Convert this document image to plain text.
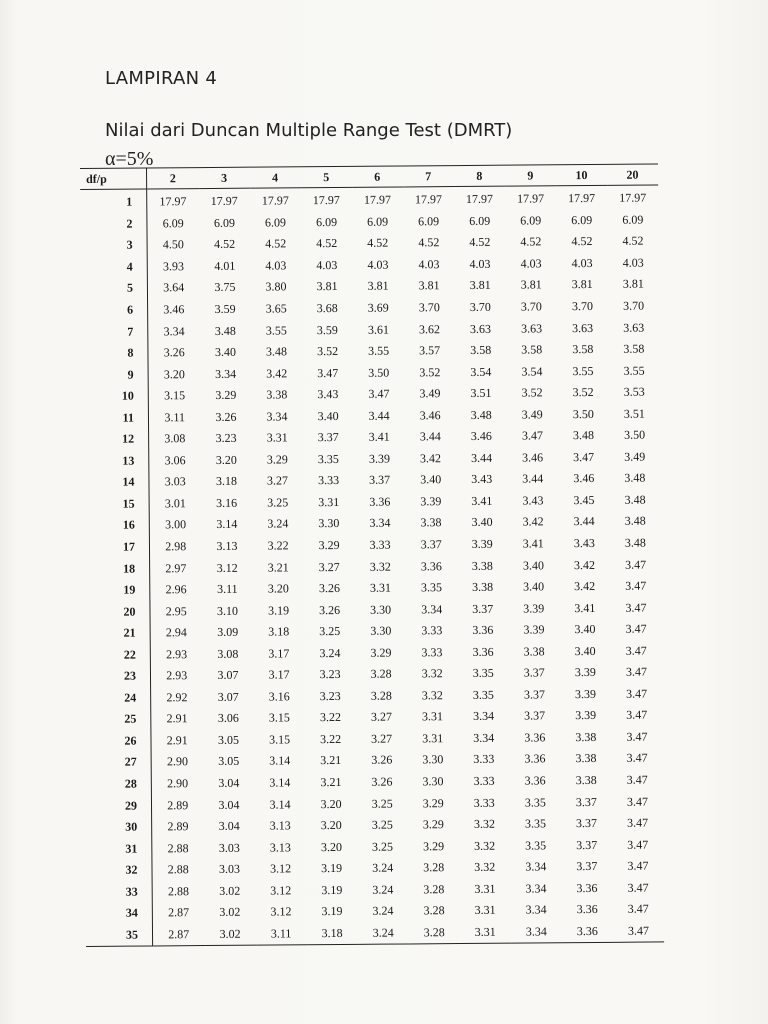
LAMPIRAN 4
Nilai dari Duncan Multiple Range Test (DMRT)
α=5%
df/p	2	3	4	5	6	7	8	9	10	20
1	17.97	17.97	17.97	17.97	17.97	17.97	17.97	17.97	17.97	17.97
2	6.09	6.09	6.09	6.09	6.09	6.09	6.09	6.09	6.09	6.09
3	4.50	4.52	4.52	4.52	4.52	4.52	4.52	4.52	4.52	4.52
4	3.93	4.01	4.03	4.03	4.03	4.03	4.03	4.03	4.03	4.03
5	3.64	3.75	3.80	3.81	3.81	3.81	3.81	3.81	3.81	3.81
6	3.46	3.59	3.65	3.68	3.69	3.70	3.70	3.70	3.70	3.70
7	3.34	3.48	3.55	3.59	3.61	3.62	3.63	3.63	3.63	3.63
8	3.26	3.40	3.48	3.52	3.55	3.57	3.58	3.58	3.58	3.58
9	3.20	3.34	3.42	3.47	3.50	3.52	3.54	3.54	3.55	3.55
10	3.15	3.29	3.38	3.43	3.47	3.49	3.51	3.52	3.52	3.53
11	3.11	3.26	3.34	3.40	3.44	3.46	3.48	3.49	3.50	3.51
12	3.08	3.23	3.31	3.37	3.41	3.44	3.46	3.47	3.48	3.50
13	3.06	3.20	3.29	3.35	3.39	3.42	3.44	3.46	3.47	3.49
14	3.03	3.18	3.27	3.33	3.37	3.40	3.43	3.44	3.46	3.48
15	3.01	3.16	3.25	3.31	3.36	3.39	3.41	3.43	3.45	3.48
16	3.00	3.14	3.24	3.30	3.34	3.38	3.40	3.42	3.44	3.48
17	2.98	3.13	3.22	3.29	3.33	3.37	3.39	3.41	3.43	3.48
18	2.97	3.12	3.21	3.27	3.32	3.36	3.38	3.40	3.42	3.47
19	2.96	3.11	3.20	3.26	3.31	3.35	3.38	3.40	3.42	3.47
20	2.95	3.10	3.19	3.26	3.30	3.34	3.37	3.39	3.41	3.47
21	2.94	3.09	3.18	3.25	3.30	3.33	3.36	3.39	3.40	3.47
22	2.93	3.08	3.17	3.24	3.29	3.33	3.36	3.38	3.40	3.47
23	2.93	3.07	3.17	3.23	3.28	3.32	3.35	3.37	3.39	3.47
24	2.92	3.07	3.16	3.23	3.28	3.32	3.35	3.37	3.39	3.47
25	2.91	3.06	3.15	3.22	3.27	3.31	3.34	3.37	3.39	3.47
26	2.91	3.05	3.15	3.22	3.27	3.31	3.34	3.36	3.38	3.47
27	2.90	3.05	3.14	3.21	3.26	3.30	3.33	3.36	3.38	3.47
28	2.90	3.04	3.14	3.21	3.26	3.30	3.33	3.36	3.38	3.47
29	2.89	3.04	3.14	3.20	3.25	3.29	3.33	3.35	3.37	3.47
30	2.89	3.04	3.13	3.20	3.25	3.29	3.32	3.35	3.37	3.47
31	2.88	3.03	3.13	3.20	3.25	3.29	3.32	3.35	3.37	3.47
32	2.88	3.03	3.12	3.19	3.24	3.28	3.32	3.34	3.37	3.47
33	2.88	3.02	3.12	3.19	3.24	3.28	3.31	3.34	3.36	3.47
34	2.87	3.02	3.12	3.19	3.24	3.28	3.31	3.34	3.36	3.47
35	2.87	3.02	3.11	3.18	3.24	3.28	3.31	3.34	3.36	3.47
